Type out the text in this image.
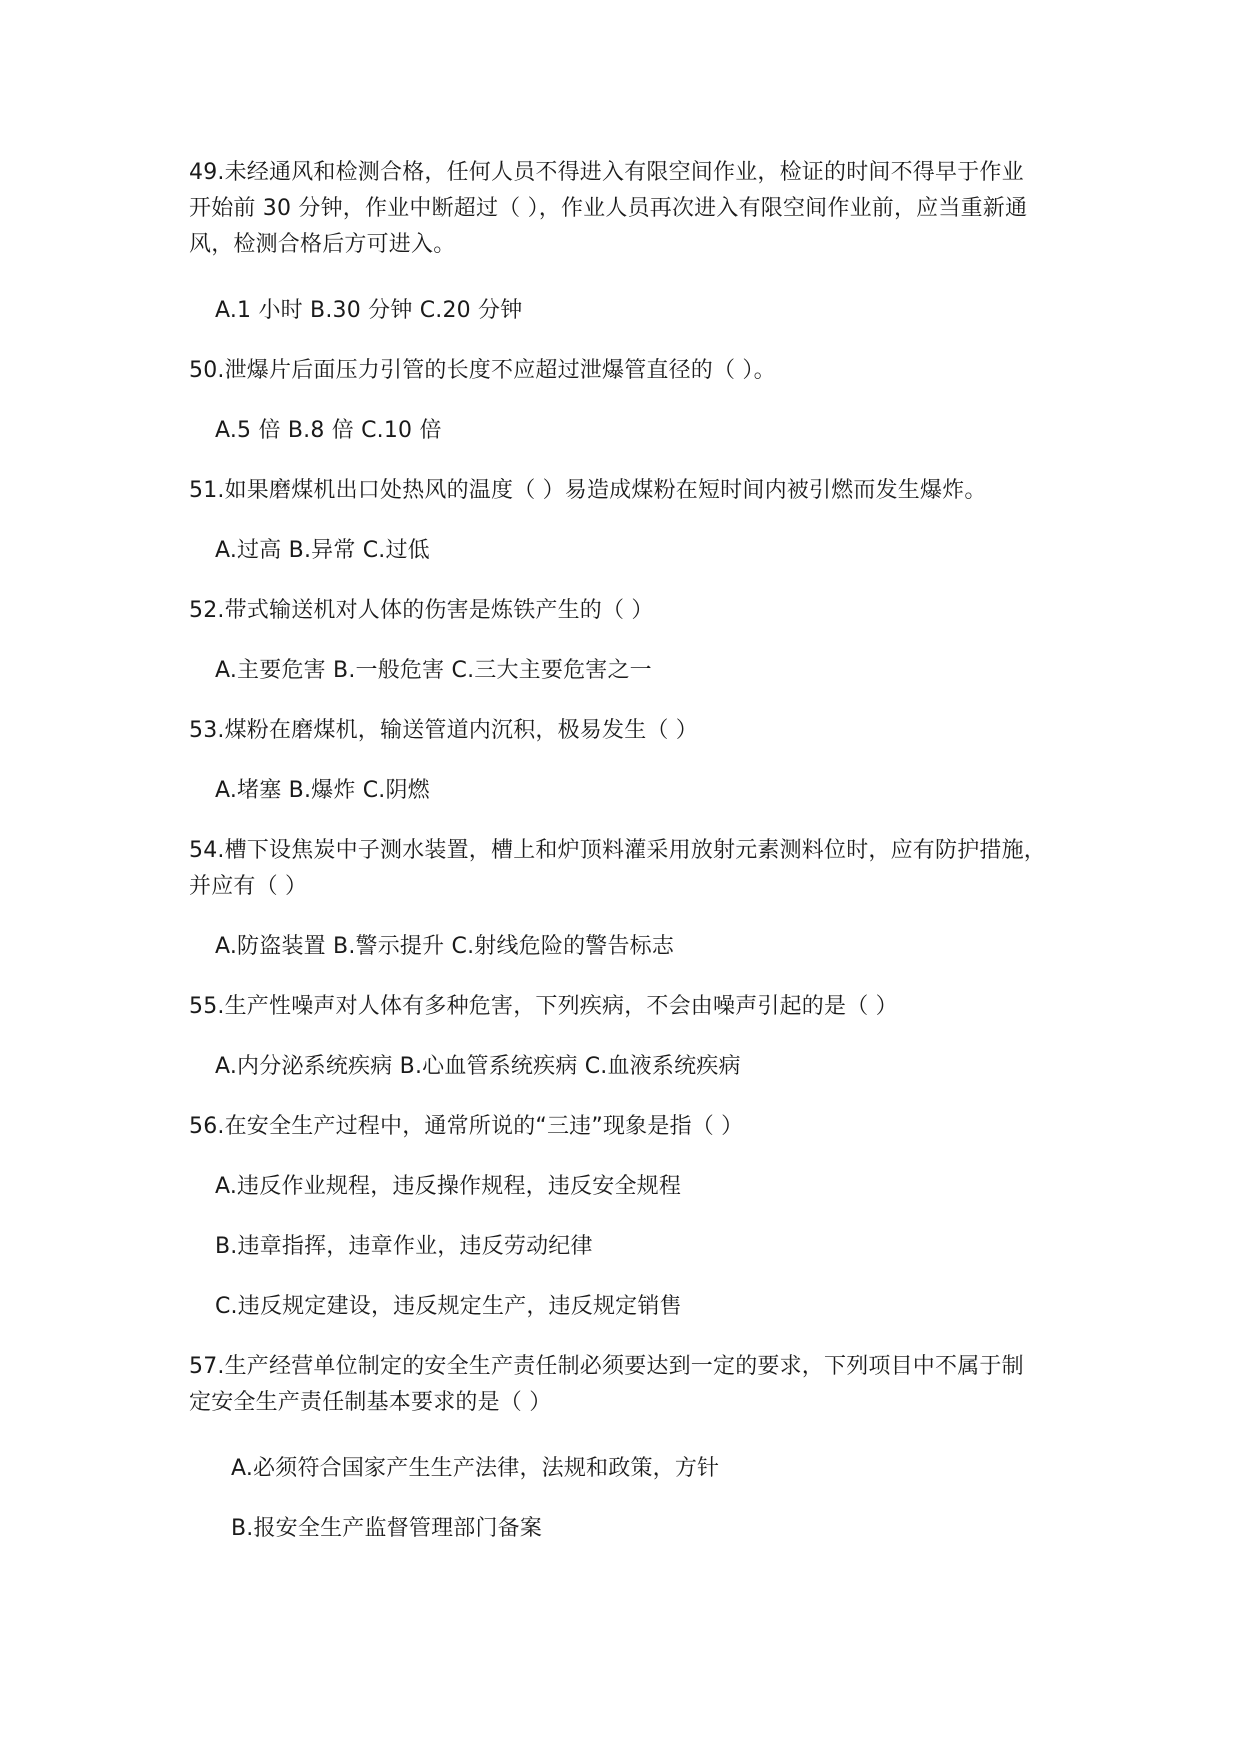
49.未经通风和检测合格，任何人员不得进入有限空间作业，检证的时间不得早于作业
开始前 30 分钟，作业中断超过（ ），作业人员再次进入有限空间作业前，应当重新通
风，检测合格后方可进入。
A.1 小时 B.30 分钟 C.20 分钟
50.泄爆片后面压力引管的长度不应超过泄爆管直径的（ ）。
A.5 倍 B.8 倍 C.10 倍
51.如果磨煤机出口处热风的温度（ ）易造成煤粉在短时间内被引燃而发生爆炸。
A.过高 B.异常 C.过低
52.带式输送机对人体的伤害是炼铁产生的（ ）
A.主要危害 B.一般危害 C.三大主要危害之一
53.煤粉在磨煤机，输送管道内沉积，极易发生（ ）
A.堵塞 B.爆炸 C.阴燃
54.槽下设焦炭中子测水装置，槽上和炉顶料灌采用放射元素测料位时，应有防护措施，
并应有（ ）
A.防盗装置 B.警示提升 C.射线危险的警告标志
55.生产性噪声对人体有多种危害，下列疾病，不会由噪声引起的是（ ）
A.内分泌系统疾病 B.心血管系统疾病 C.血液系统疾病
56.在安全生产过程中，通常所说的“三违”现象是指（ ）
A.违反作业规程，违反操作规程，违反安全规程
B.违章指挥，违章作业，违反劳动纪律
C.违反规定建设，违反规定生产，违反规定销售
57.生产经营单位制定的安全生产责任制必须要达到一定的要求，下列项目中不属于制
定安全生产责任制基本要求的是（ ）
A.必须符合国家产生生产法律，法规和政策，方针
B.报安全生产监督管理部门备案
